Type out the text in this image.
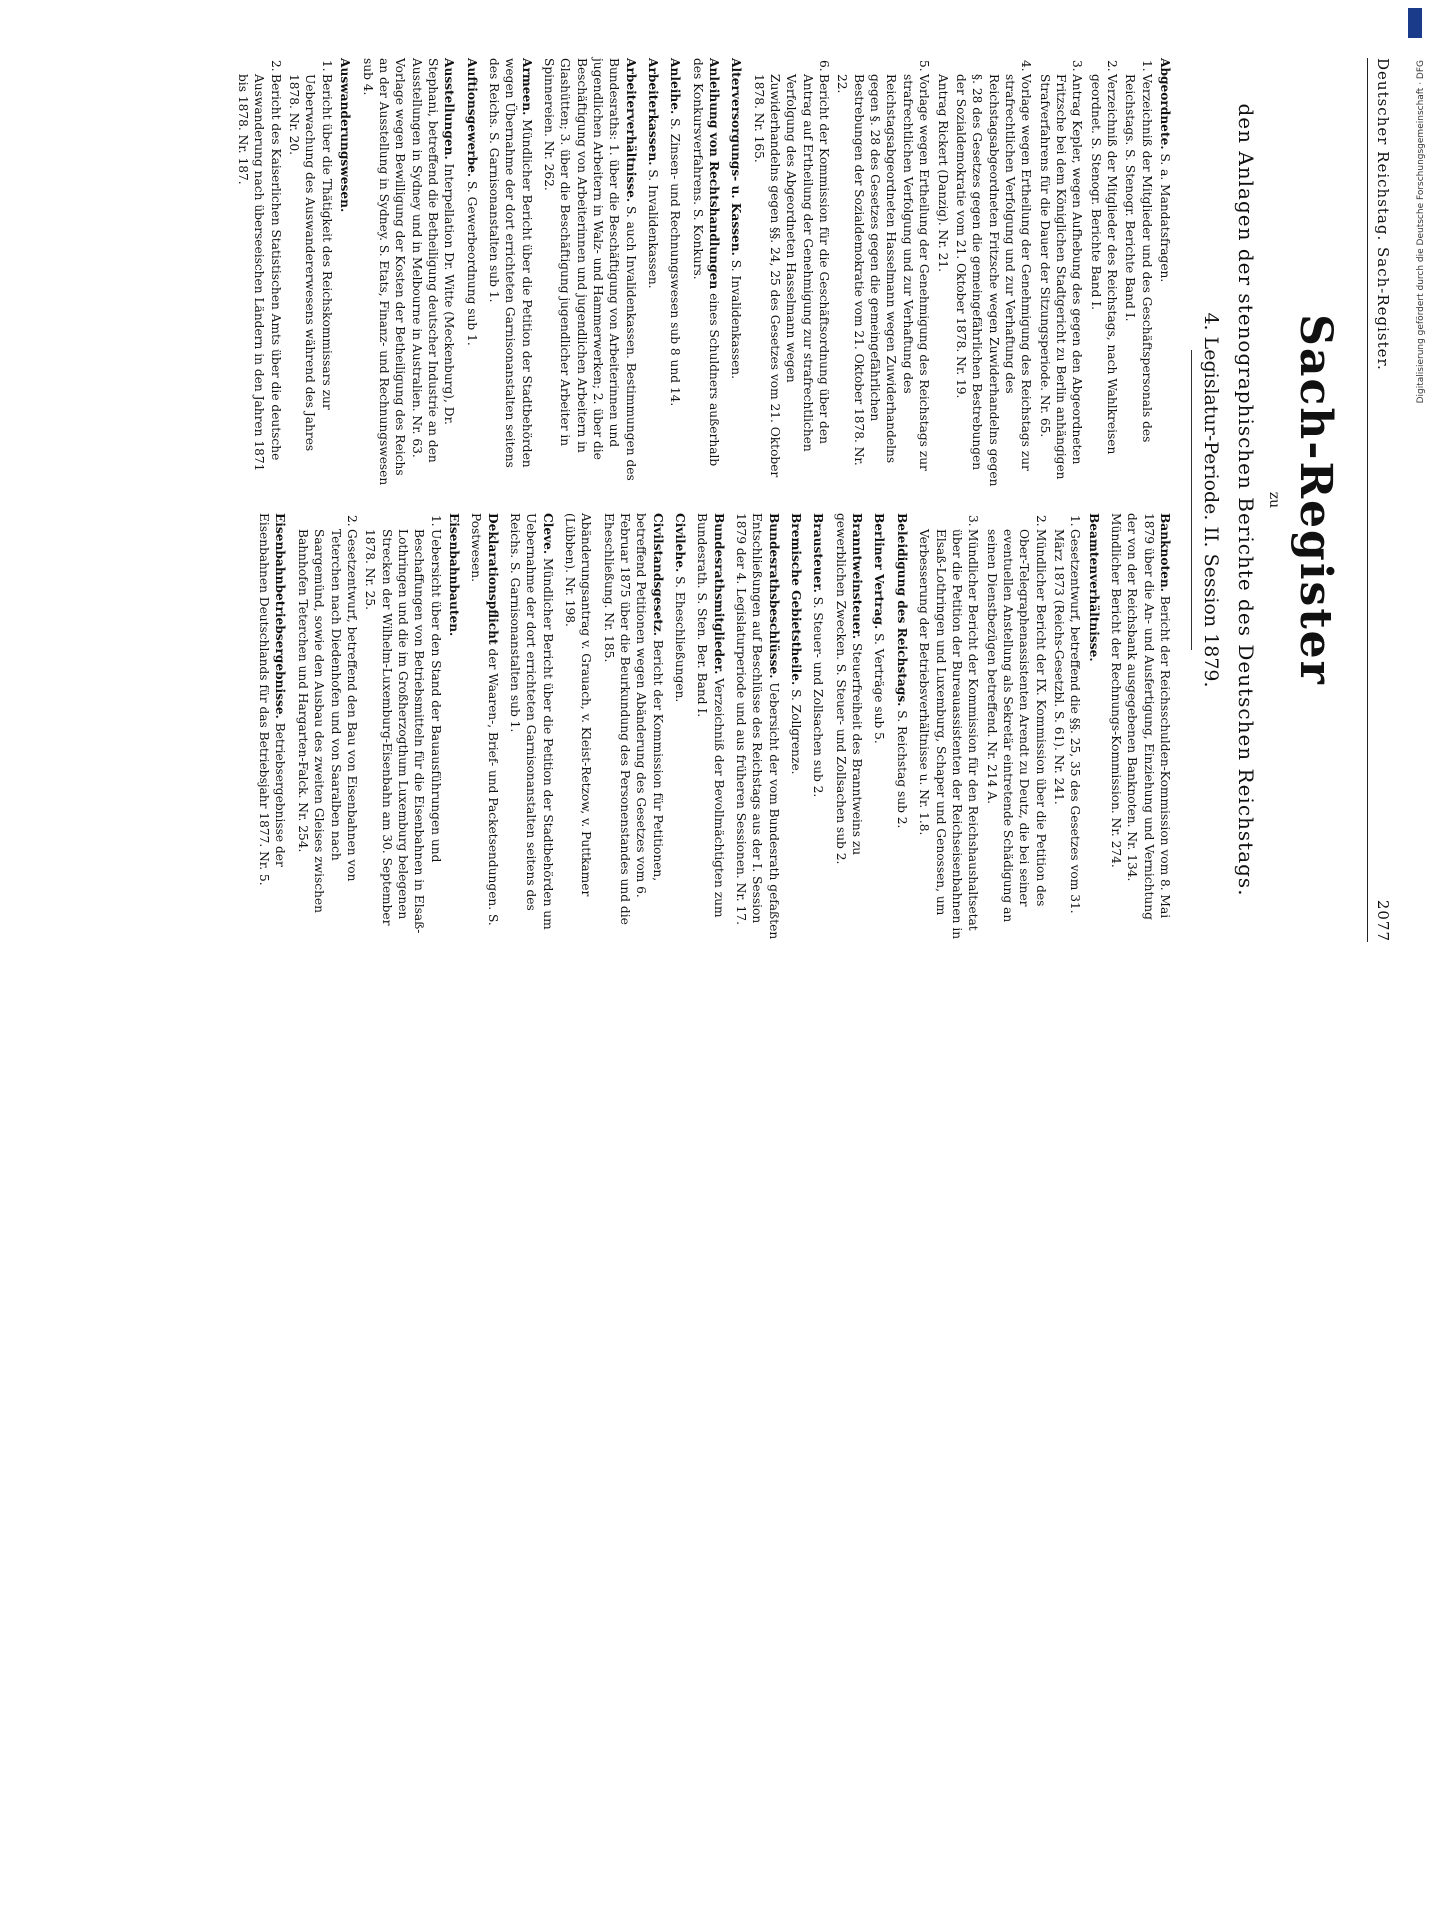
Deutscher Reichstag. Sach-Register.
2077
Sach-Register
zu
den Anlagen der stenographischen Berichte des Deutschen Reichstags.
4. Legislatur-Periode. II. Session 1879.
Abgeordnete. S. a. Mandatsfragen.
1.Verzeichniß der Mitglieder und des Geschäftspersonals des Reichstags. S. Stenogr. Berichte Band I.
2.Verzeichniß der Mitglieder des Reichstags, nach Wahlkreisen geordnet. S. Stenogr. Berichte Band I.
3.Antrag Kepler, wegen Aufhebung des gegen den Abgeordneten Fritzsche bei dem Königlichen Stadtgericht zu Berlin anhängigen Strafverfahrens für die Dauer der Sitzungsperiode. Nr. 65.
4.Vorlage wegen Ertheilung der Genehmigung des Reichstags zur strafrechtlichen Verfolgung und zur Verhaftung des Reichstagsabgeordneten Fritzsche wegen Zuwiderhandelns gegen §. 28 des Gesetzes gegen die gemeingefährlichen Bestrebungen der Sozialdemokratie vom 21. Oktober 1878. Nr. 19.
Antrag Rickert (Danzig). Nr. 21.
5.Vorlage wegen Ertheilung der Genehmigung des Reichstags zur strafrechtlichen Verfolgung und zur Verhaftung des Reichstagsabgeordneten Hasselmann wegen Zuwiderhandelns gegen §. 28 des Gesetzes gegen die gemeingefährlichen Bestrebungen der Sozialdemokratie vom 21. Oktober 1878. Nr. 22.
6.Bericht der Kommission für die Geschäftsordnung über den Antrag auf Ertheilung der Genehmigung zur strafrechtlichen Verfolgung des Abgeordneten Hasselmann wegen Zuwiderhandelns gegen §§. 24, 25 des Gesetzes vom 21. Oktober 1878. Nr. 165.
Alterversorgungs- u. Kassen. S. Invalidenkassen.
Anleihung von Rechtshandlungen eines Schuldners außerhalb des Konkursverfahrens. S. Konkurs.
Anleihe. S. Zinsen- und Rechnungswesen sub 8 und 14.
Arbeiterkassen. S. Invalidenkassen.
Arbeiterverhältnisse. S. auch Invalidenkassen. Bestimmungen des Bundesraths: 1. über die Beschäftigung von Arbeiterinnen und jugendlichen Arbeitern in Walz- und Hammerwerken; 2. über die Beschäftigung von Arbeiterinnen und jugendlichen Arbeitern in Glashütten; 3. über die Beschäftigung jugendlicher Arbeiter in Spinnereien. Nr. 262.
Armeen. Mündlicher Bericht über die Petition der Stadtbehörden wegen Übernahme der dort errichteten Garnisonanstalten seitens des Reichs. S. Garnisonanstalten sub 1.
Auftionsgewerbe. S. Gewerbeordnung sub 1.
Ausstellungen. Interpellation Dr. Witte (Meckenburg), Dr. Stephani, betreffend die Betheiligung deutscher Industrie an den Ausstellungen in Sydney und in Melbourne in Australien. Nr. 63. Vorlage wegen Bewilligung der Kosten der Betheiligung des Reichs an der Ausstellung in Sydney. S. Etats, Finanz- und Rechnungswesen sub 4.
Auswanderungswesen.
1.Bericht über die Thätigkeit des Reichskommissars zur Ueberwachung des Auswandererwesens während des Jahres 1878. Nr. 20.
2.Bericht des Kaiserlichen Statistischen Amts über die deutsche Auswanderung nach überseeischen Ländern in den Jahren 1871 bis 1878. Nr. 187.
Banknoten. Bericht der Reichsschulden-Kommission vom 8. Mai 1879 über die An- und Ausfertigung, Einziehung und Vernichtung der von der Reichsbank ausgegebenen Banknoten. Nr. 134. Mündlicher Bericht der Rechnungs-Kommission. Nr. 274.
Beamtenverhältnisse.
1.Gesetzentwurf, betreffend die §§. 25, 35 des Gesetzes vom 31. März 1873 (Reichs-Gesetzbl. S. 61). Nr. 241.
2.Mündlicher Bericht der IX. Kommission über die Petition des Ober-Telegraphenassistenten Arendt zu Deutz, die bei seiner eventuellen Anstellung als Sekretär eintretende Schädigung an seinen Dienstbezügen betreffend. Nr. 214 A.
3.Mündlicher Bericht der Kommission für den Reichshaushaltsetat über die Petition der Bureauassistenten der Reichseisenbahnen in Elsaß-Lothringen und Luxemburg, Schaper und Genossen, um Verbesserung der Betriebsverhältnisse u. Nr. 1.8.
Beleidigung des Reichstags. S. Reichstag sub 2.
Berliner Vertrag. S. Verträge sub 5.
Branntweinsteuer. Steuerfreiheit des Branntweins zu gewerblichen Zwecken. S. Steuer- und Zollsachen sub 2.
Brausteuer. S. Steuer- und Zollsachen sub 2.
Bremische Gebietstheile. S. Zollgrenze.
Bundesrathsbeschlüsse. Uebersicht der vom Bundesrath gefaßten Entschließungen auf Beschlüsse des Reichstags aus der I. Session 1879 der 4. Legislaturperiode und aus früheren Sessionen. Nr. 17.
Bundesrathsmitglieder. Verzeichniß der Bevollmächtigten zum Bundesrath. S. Sten. Ber. Band I.
Civilehe. S. Eheschließungen.
Civilstandsgesetz. Bericht der Kommission für Petitionen, betreffend Petitionen wegen Abänderung des Gesetzes vom 6. Februar 1875 über die Beurkundung des Personenstandes und die Eheschließung. Nr. 185.
Abänderungsantrag v. Grauach, v. Kleist-Retzow, v. Puttkamer (Lübben). Nr. 198.
Cleve. Mündlicher Bericht über die Petition der Stadtbehörden um Uebernahme der dort errichteten Garnisonanstalten seitens des Reichs. S. Garnisonanstalten sub 1.
Deklarationspflicht der Waaren-, Brief- und Packetsendungen. S. Postwesen.
Eisenbahnbauten.
1.Uebersicht über den Stand der Bauausführungen und Beschaffungen von Betriebsmitteln für die Eisenbahnen in Elsaß-Lothringen und die im Großherzogthum Luxemburg belegenen Strecken der Wilhelm-Luxemburg-Eisenbahn am 30. September 1878. Nr. 25.
2.Gesetzentwurf, betreffend den Bau von Eisenbahnen von Teterchen nach Diedenhofen und von Saaralben nach Saargemünd, sowie den Ausbau des zweiten Gleises zwischen Bahnhofen Teterchen und Hargarten-Falck. Nr. 254.
Eisenbahnbetriebsergebnisse. Betriebsergebnisse der Eisenbahnen Deutschlands für das Betriebsjahr 1877. Nr. 5.
Digitalisierung gefördert durch die Deutsche Forschungsgemeinschaft · DFG
